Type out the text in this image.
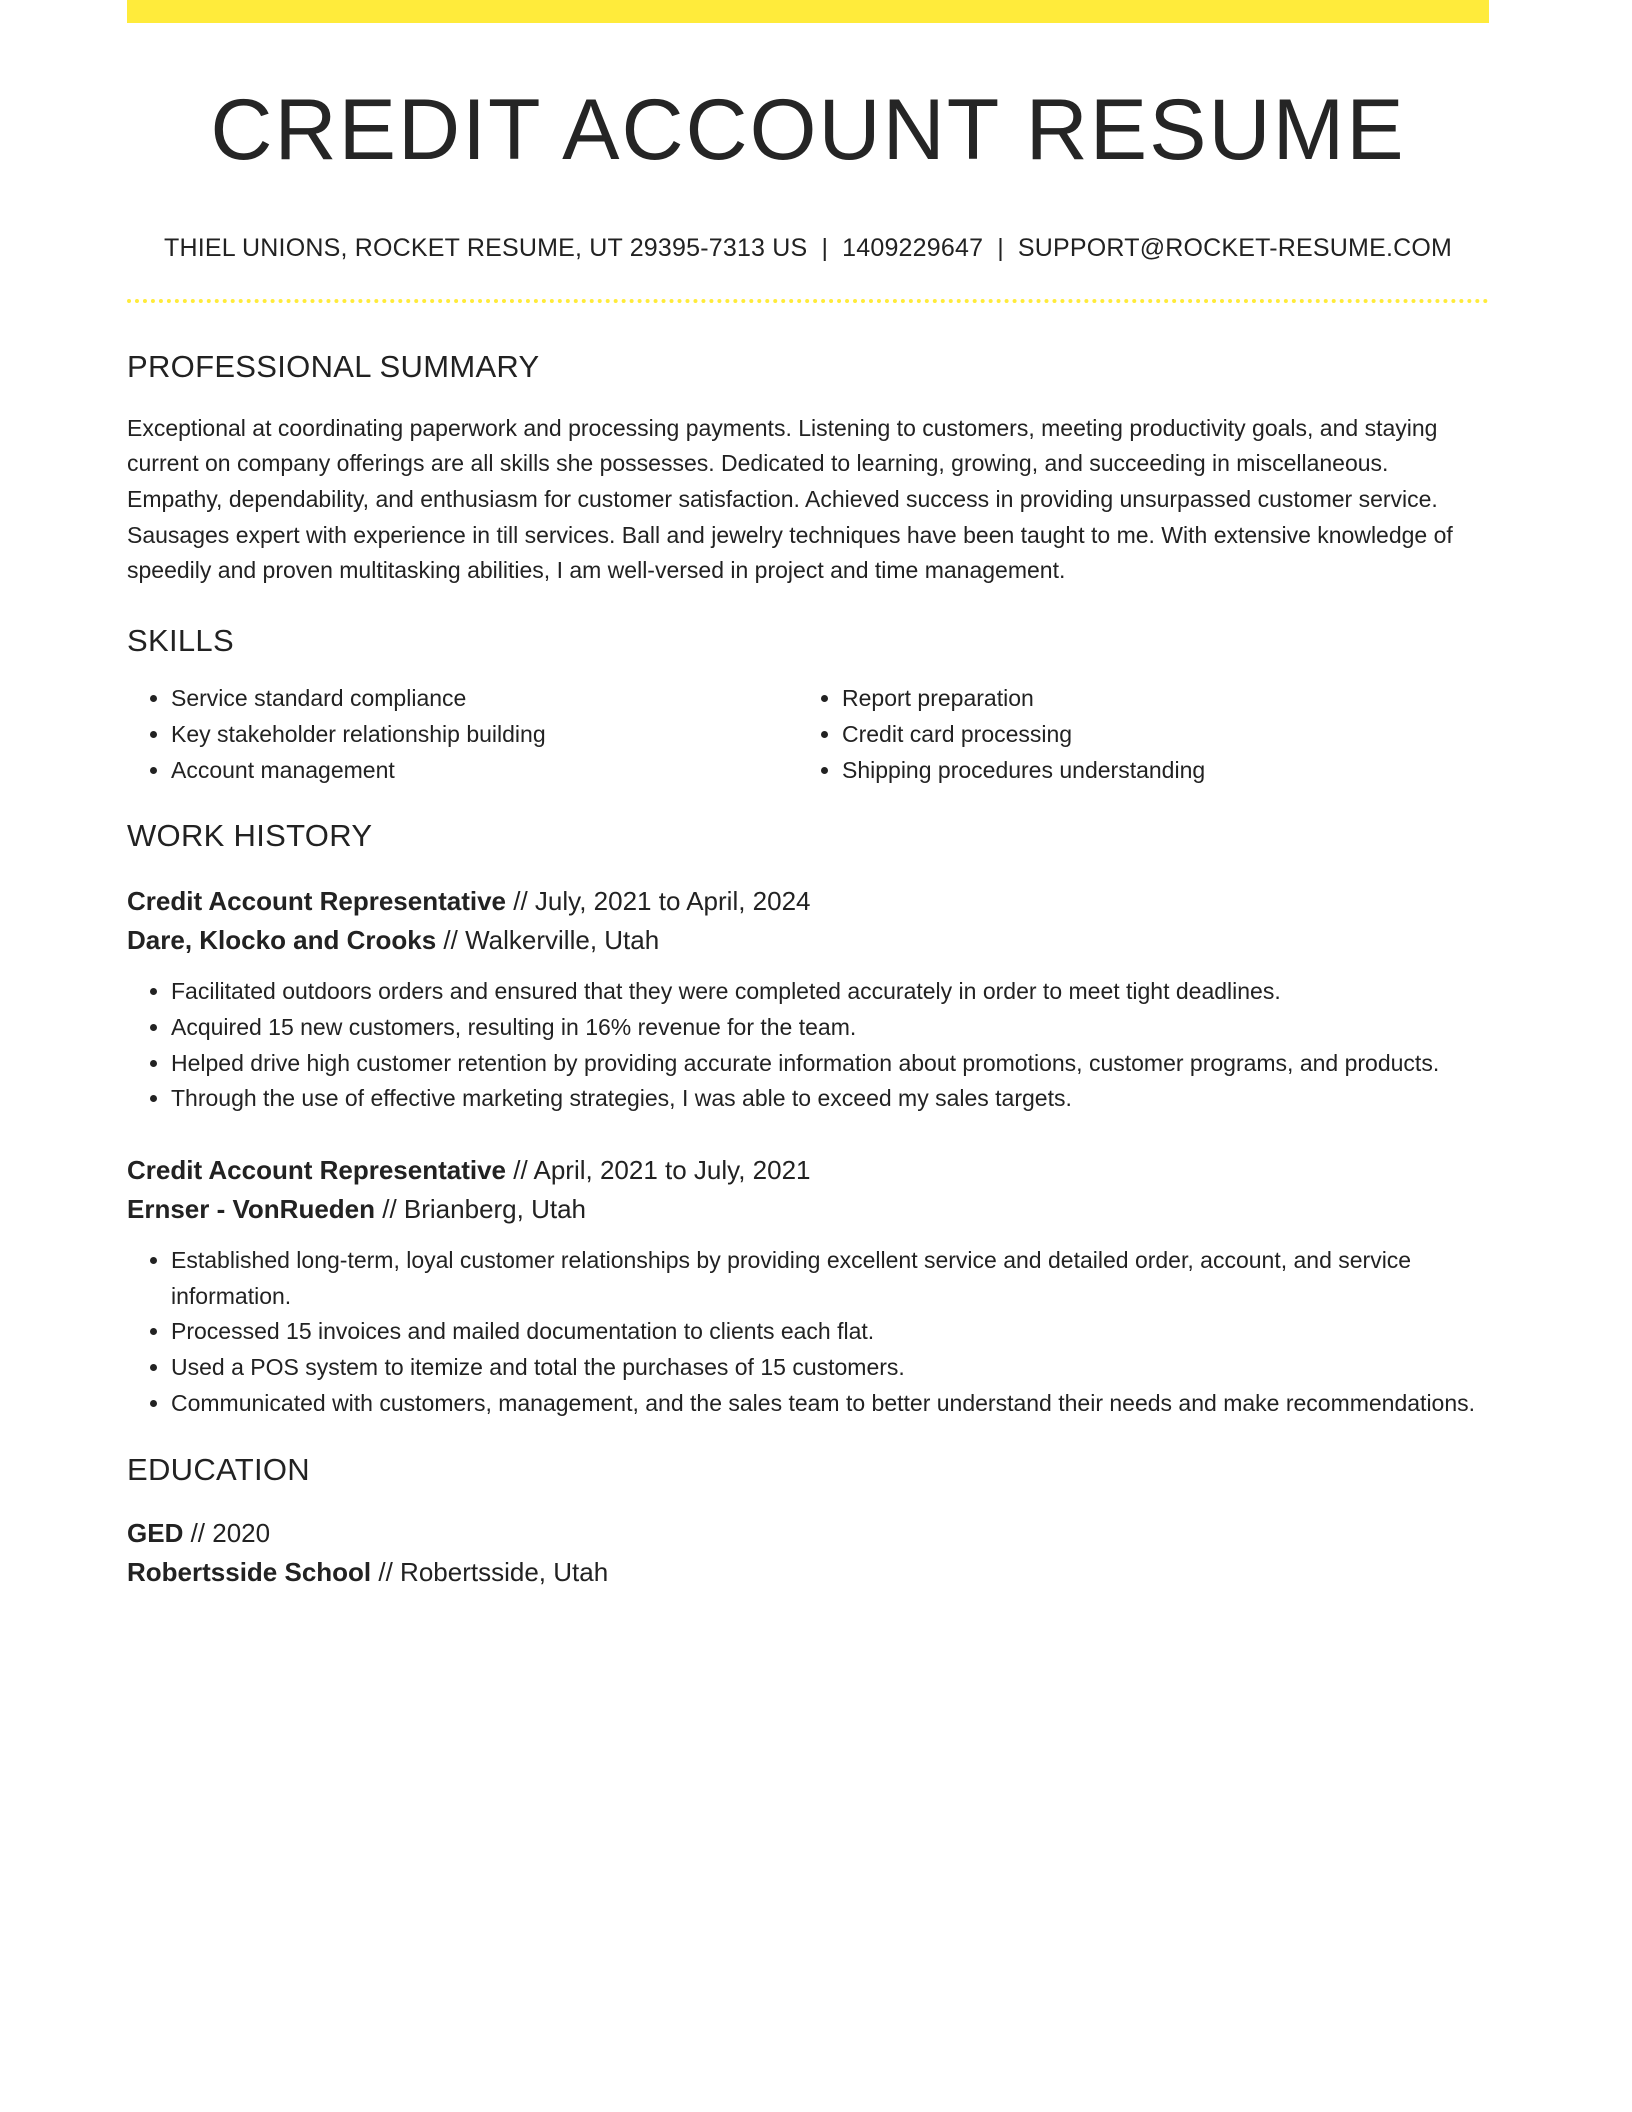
CREDIT ACCOUNT RESUME
THIEL UNIONS, ROCKET RESUME, UT 29395-7313 US | 1409229647 | SUPPORT@ROCKET-RESUME.COM
PROFESSIONAL SUMMARY

Exceptional at coordinating paperwork and processing payments. Listening to customers, meeting productivity goals, and staying current on company offerings are all skills she possesses. Dedicated to learning, growing, and succeeding in miscellaneous. Empathy, dependability, and enthusiasm for customer satisfaction. Achieved success in providing unsurpassed customer service. Sausages expert with experience in till services. Ball and jewelry techniques have been taught to me. With extensive knowledge of speedily and proven multitasking abilities, I am well-versed in project and time management.

SKILLS
• Service standard compliance
• Key stakeholder relationship building
• Account management
• Report preparation
• Credit card processing
• Shipping procedures understanding
WORK HISTORY
Credit Account Representative // July, 2021 to April, 2024
Dare, Klocko and Crooks // Walkerville, Utah
• Facilitated outdoors orders and ensured that they were completed accurately in order to meet tight deadlines.
• Acquired 15 new customers, resulting in 16% revenue for the team.
• Helped drive high customer retention by providing accurate information about promotions, customer programs, and products.
• Through the use of effective marketing strategies, I was able to exceed my sales targets.
Credit Account Representative // April, 2021 to July, 2021
Ernser - VonRueden // Brianberg, Utah
• Established long-term, loyal customer relationships by providing excellent service and detailed order, account, and service information.
• Processed 15 invoices and mailed documentation to clients each flat.
• Used a POS system to itemize and total the purchases of 15 customers.
• Communicated with customers, management, and the sales team to better understand their needs and make recommendations.
EDUCATION
GED // 2020
Robertsside School // Robertsside, Utah
